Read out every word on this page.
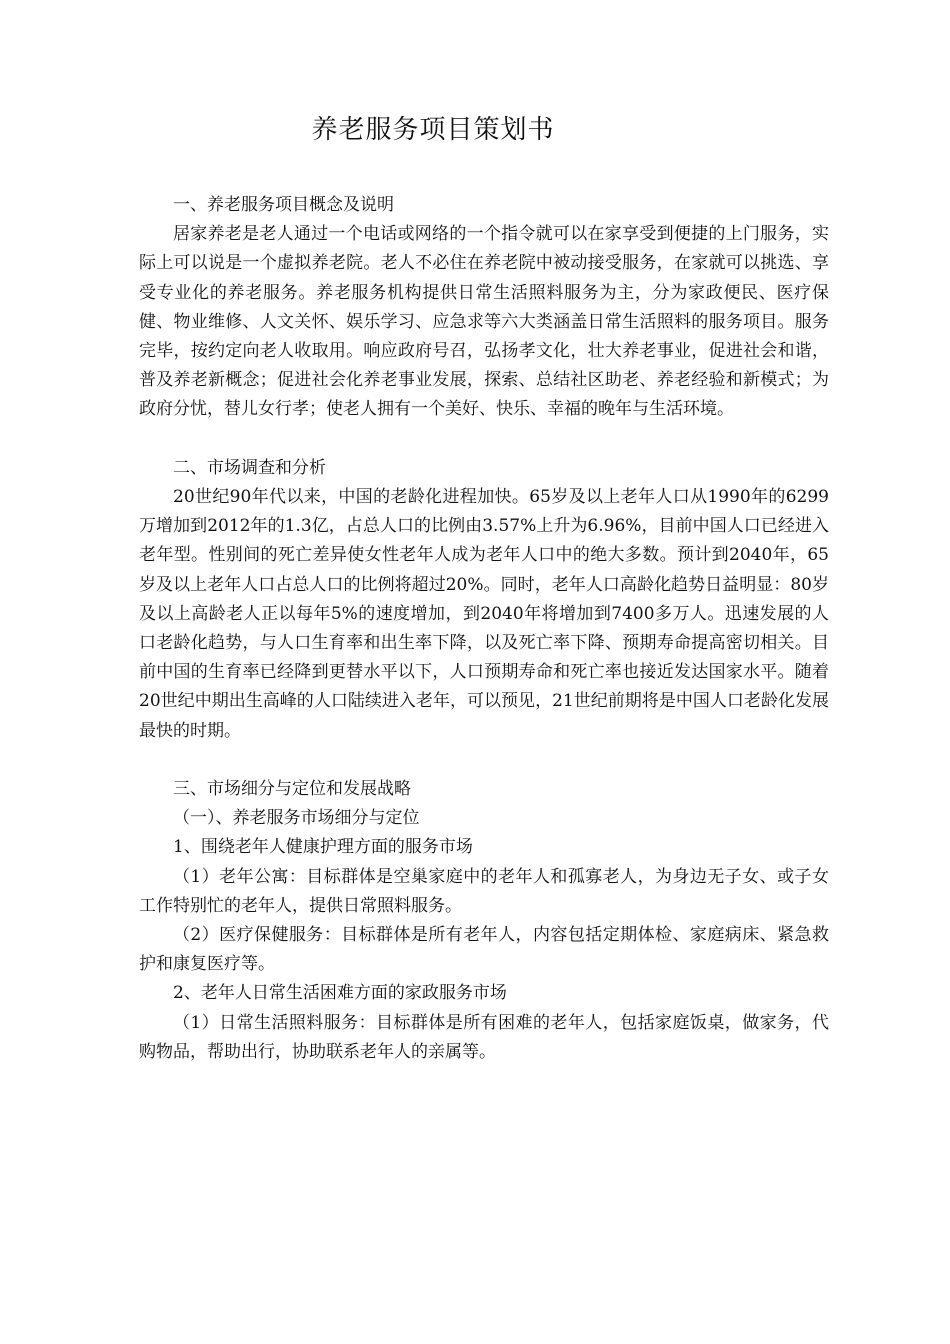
养老服务项目策划书

一、养老服务项目概念及说明

居家养老是老人通过一个电话或网络的一个指令就可以在家享受到便捷的上门服务，实际上可以说是一个虚拟养老院。老人不必住在养老院中被动接受服务，在家就可以挑选、享受专业化的养老服务。养老服务机构提供日常生活照料服务为主，分为家政便民、医疗保健、物业维修、人文关怀、娱乐学习、应急求等六大类涵盖日常生活照料的服务项目。服务完毕，按约定向老人收取用。响应政府号召，弘扬孝文化，壮大养老事业，促进社会和谐，普及养老新概念；促进社会化养老事业发展，探索、总结社区助老、养老经验和新模式；为政府分忧，替儿女行孝；使老人拥有一个美好、快乐、幸福的晚年与生活环境。

二、市场调查和分析

20世纪90年代以来，中国的老龄化进程加快。65岁及以上老年人口从1990年的6299万增加到2012年的1.3亿，占总人口的比例由3.57%上升为6.96%，目前中国人口已经进入老年型。性别间的死亡差异使女性老年人成为老年人口中的绝大多数。预计到2040年，65岁及以上老年人口占总人口的比例将超过20%。同时，老年人口高龄化趋势日益明显：80岁及以上高龄老人正以每年5%的速度增加，到2040年将增加到7400多万人。迅速发展的人口老龄化趋势，与人口生育率和出生率下降，以及死亡率下降、预期寿命提高密切相关。目前中国的生育率已经降到更替水平以下，人口预期寿命和死亡率也接近发达国家水平。随着20世纪中期出生高峰的人口陆续进入老年，可以预见，21世纪前期将是中国人口老龄化发展最快的时期。

三、市场细分与定位和发展战略

（一）、养老服务市场细分与定位

1、围绕老年人健康护理方面的服务市场

（1）老年公寓：目标群体是空巢家庭中的老年人和孤寡老人，为身边无子女、或子女工作特别忙的老年人，提供日常照料服务。

（2）医疗保健服务：目标群体是所有老年人，内容包括定期体检、家庭病床、紧急救护和康复医疗等。

2、老年人日常生活困难方面的家政服务市场

（1）日常生活照料服务：目标群体是所有困难的老年人，包括家庭饭桌，做家务，代购物品，帮助出行，协助联系老年人的亲属等。
